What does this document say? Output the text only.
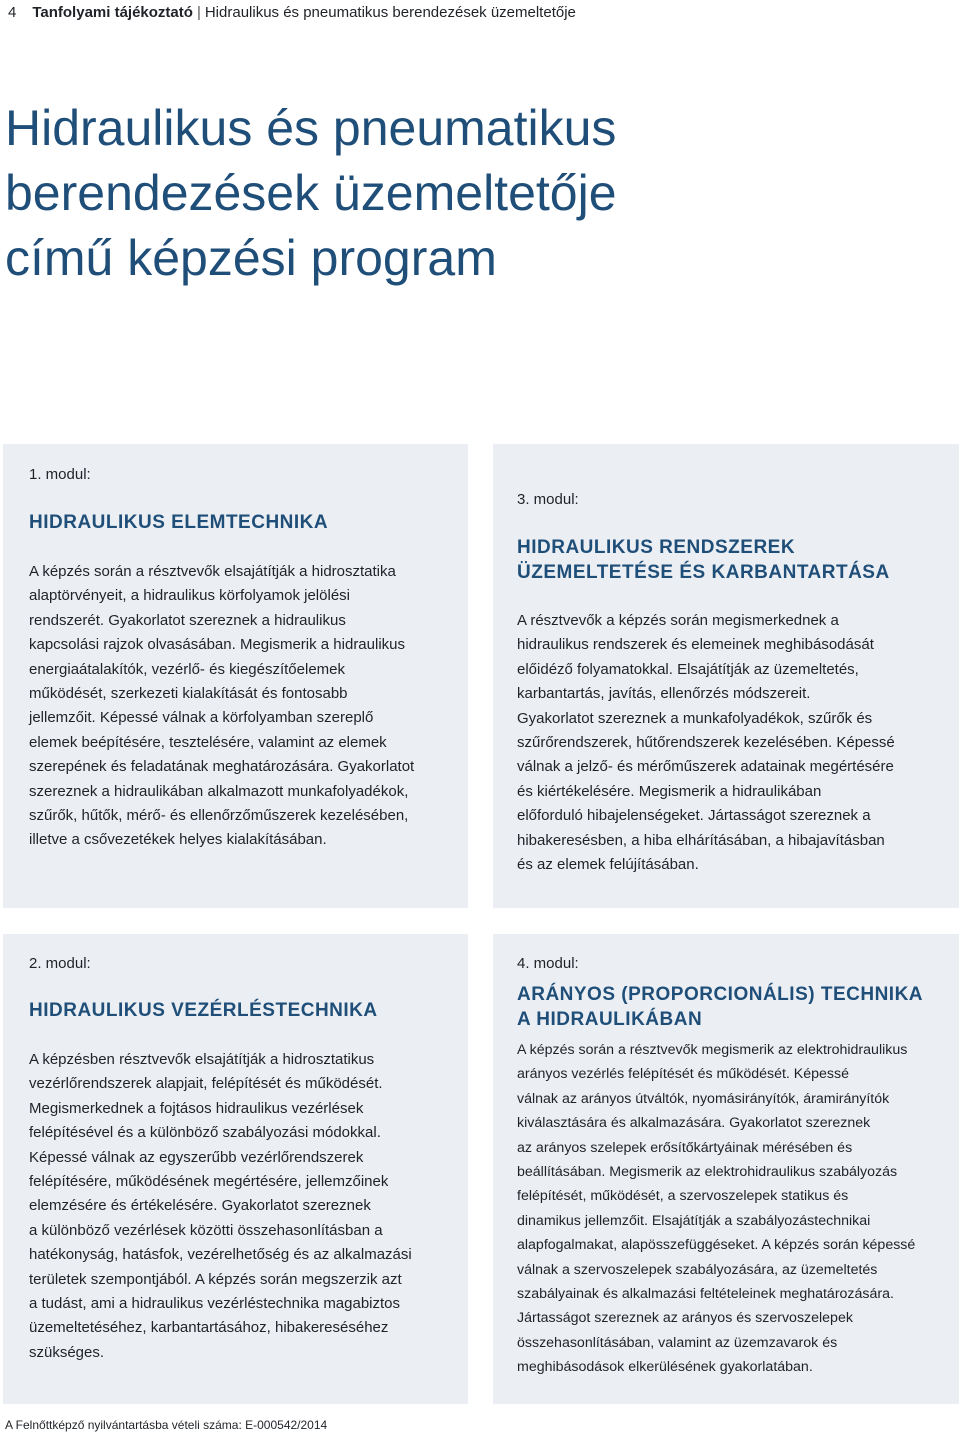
4 Tanfolyami tájékoztató | Hidraulikus és pneumatikus berendezések üzemeltetője
Hidraulikus és pneumatikus
berendezések üzemeltetője
című képzési program
1. modul:
HIDRAULIKUS ELEMTECHNIKA
A képzés során a résztvevők elsajátítják a hidrosztatika
alaptörvényeit, a hidraulikus körfolyamok jelölési
rendszerét. Gyakorlatot szereznek a hidraulikus
kapcsolási rajzok olvasásában. Megismerik a hidraulikus
energiaátalakítók, vezérlő- és kiegészítőelemek
működését, szerkezeti kialakítását és fontosabb
jellemzőit. Képessé válnak a körfolyamban szereplő
elemek beépítésére, tesztelésére, valamint az elemek
szerepének és feladatának meghatározására. Gyakorlatot
szereznek a hidraulikában alkalmazott munkafolyadékok,
szűrők, hűtők, mérő- és ellenőrzőműszerek kezelésében,
illetve a csővezetékek helyes kialakításában.
3. modul:
HIDRAULIKUS RENDSZEREK
ÜZEMELTETÉSE ÉS KARBANTARTÁSA
A résztvevők a képzés során megismerkednek a
hidraulikus rendszerek és elemeinek meghibásodását
előidéző folyamatokkal. Elsajátítják az üzemeltetés,
karbantartás, javítás, ellenőrzés módszereit.
Gyakorlatot szereznek a munkafolyadékok, szűrők és
szűrőrendszerek, hűtőrendszerek kezelésében. Képessé
válnak a jelző- és mérőműszerek adatainak megértésére
és kiértékelésére. Megismerik a hidraulikában
előforduló hibajelenségeket. Jártasságot szereznek a
hibakeresésben, a hiba elhárításában, a hibajavításban
és az elemek felújításában.
2. modul:
HIDRAULIKUS VEZÉRLÉSTECHNIKA
A képzésben résztvevők elsajátítják a hidrosztatikus
vezérlőrendszerek alapjait, felépítését és működését.
Megismerkednek a fojtásos hidraulikus vezérlések
felépítésével és a különböző szabályozási módokkal.
Képessé válnak az egyszerűbb vezérlőrendszerek
felépítésére, működésének megértésére, jellemzőinek
elemzésére és értékelésére. Gyakorlatot szereznek
a különböző vezérlések közötti összehasonlításban a
hatékonyság, hatásfok, vezérelhetőség és az alkalmazási
területek szempontjából. A képzés során megszerzik azt
a tudást, ami a hidraulikus vezérléstechnika magabiztos
üzemeltetéséhez, karbantartásához, hibakereséséhez
szükséges.
4. modul:
ARÁNYOS (PROPORCIONÁLIS) TECHNIKA
A HIDRAULIKÁBAN
A képzés során a résztvevők megismerik az elektrohidraulikus
arányos vezérlés felépítését és működését. Képessé
válnak az arányos útváltók, nyomásirányítók, áramirányítók
kiválasztására és alkalmazására. Gyakorlatot szereznek
az arányos szelepek erősítőkártyáinak mérésében és
beállításában. Megismerik az elektrohidraulikus szabályozás
felépítését, működését, a szervoszelepek statikus és
dinamikus jellemzőit. Elsajátítják a szabályozástechnikai
alapfogalmakat, alapösszefüggéseket. A képzés során képessé
válnak a szervoszelepek szabályozására, az üzemeltetés
szabályainak és alkalmazási feltételeinek meghatározására.
Jártasságot szereznek az arányos és szervoszelepek
összehasonlításában, valamint az üzemzavarok és
meghibásodások elkerülésének gyakorlatában.
A Felnőttképző nyilvántartásba vételi száma: E-000542/2014
